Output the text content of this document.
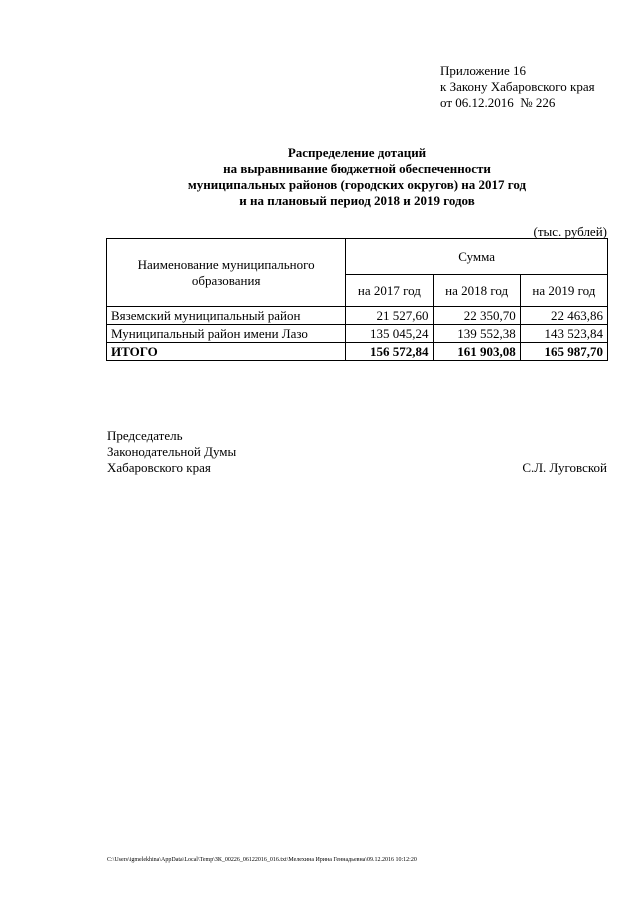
Приложение 16
к Закону Хабаровского края
от 06.12.2016  № 226
Распределение дотаций
на выравнивание бюджетной обеспеченности
муниципальных районов (городских округов) на 2017 год
и на плановый период 2018 и 2019 годов
(тыс. рублей)
Наименование муниципального образования	Сумма		
	на 2017 год	на 2018 год	на 2019 год
Вяземский муниципальный район	21 527,60	22 350,70	22 463,86
Муниципальный район имени Лазо	135 045,24	139 552,38	143 523,84
ИТОГО	156 572,84	161 903,08	165 987,70
Председатель
Законодательной Думы
Хабаровского края	С.Л. Луговской
C:\Users\igmelekhina\AppData\Local\Temp\ЗК_00226_06122016_016.txt\Мелехина Ирина Геннадьевна\09.12.2016 10:12:20
